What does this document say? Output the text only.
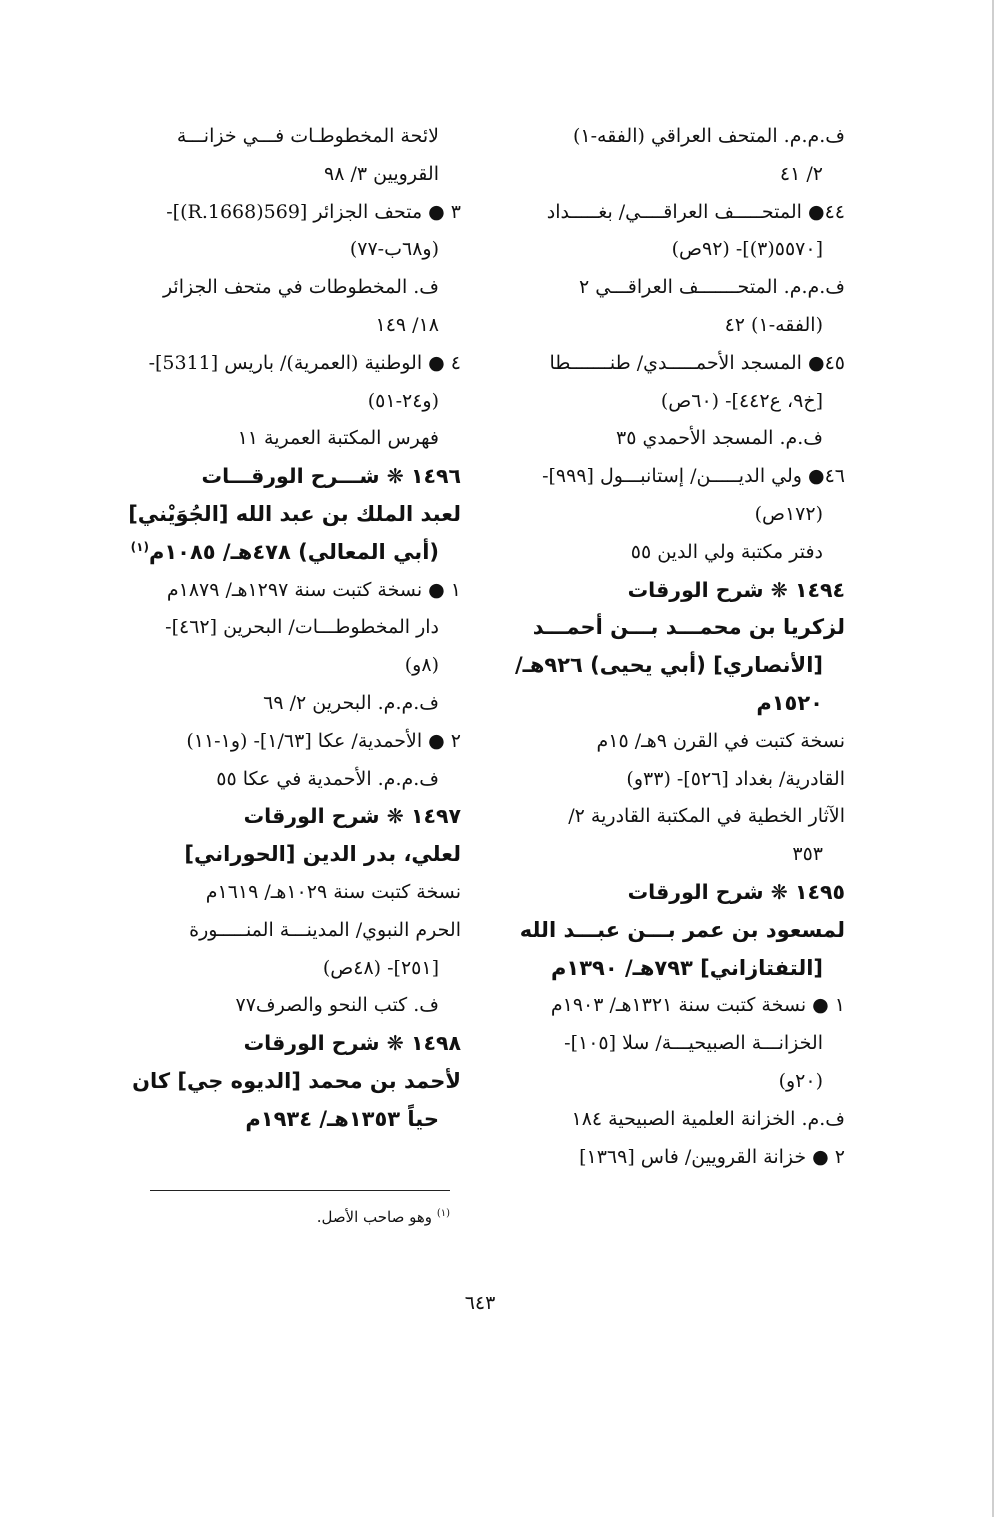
ف.م.م. المتحف العراقي (الفقه-١)
٢/ ٤١
٤٤● المتحـــــف العراقــــي/ بغـــــداد
[٥٥٧٠(٣)]- (٩٢ص)
ف.م.م. المتحـــــــف العراقـــي ٢
(الفقه-١) ٤٢
٤٥● المسجد الأحمـــــدي/ طنـــــــطا
[خ٩، ع٤٤٢]- (٦٠ص)
ف.م. المسجد الأحمدي ٣٥
٤٦● ولي الديـــــن/ إستانبـــول [٩٩٩]-
(١٧٢ص)
دفتر مكتبة ولي الدين ٥٥
١٤٩٤ ❋ شرح الورقات
لزكريا بن محمـــد بـــن أحمـــد
[الأنصاري] (أبي يحيى) ٩٢٦هـ/
١٥٢٠م
نسخة كتبت في القرن ٩هـ/ ١٥م
القادرية/ بغداد [٥٢٦]- (٣٣و)
الآثار الخطية في المكتبة القادرية ٢/
٣٥٣
١٤٩٥ ❋ شرح الورقات
لمسعود بن عمر بـــن عبـــد الله
[التفتازاني] ٧٩٣هـ/ ١٣٩٠م
١ ● نسخة كتبت سنة ١٣٢١هـ/ ١٩٠٣م
الخزانـــة الصبيحيـــة/ سلا [١٠٥]-
(٢٠و)
ف.م. الخزانة العلمية الصبيحية ١٨٤
٢ ● خزانة القرويين/ فاس [١٣٦٩]
لائحة المخطوطـات فـــي خزانـــة
القرويين ٣/ ٩٨
٣ ● متحف الجزائر [569(1668.R)]-
(و٦٨ب-٧٧)
ف. المخطوطات في متحف الجزائر
١٨/ ١٤٩
٤ ● الوطنية (العمرية)/ باريس [5311]-
(و٢٤-٥١)
فهرس المكتبة العمرية ١١
١٤٩٦ ❋ شـــرح الورقـــات
لعبد الملك بن عبد الله [الجُوَيْني]
(أبي المعالي) ٤٧٨هـ/ ١٠٨٥م$^{(١)}$
١ ● نسخة كتبت سنة ١٢٩٧هـ/ ١٨٧٩م
دار المخطوطـــات/ البحرين [٤٦٢]-
(٨و)
ف.م.م. البحرين ٢/ ٦٩
٢ ● الأحمدية/ عكا [١/٦٣]- (و١-١١)
ف.م.م. الأحمدية في عكا ٥٥
١٤٩٧ ❋ شرح الورقات
لعلي، بدر الدين [الحوراني]
نسخة كتبت سنة ١٠٢٩هـ/ ١٦١٩م
الحرم النبوي/ المدينـــة المنـــــورة
[٢٥١]- (٤٨ص)
ف. كتب النحو والصرف٧٧
١٤٩٨ ❋ شرح الورقات
لأحمد بن محمد [الديوه جي] كان
حياً ١٣٥٣هـ/ ١٩٣٤م
$^{(١)}$ وهو صاحب الأصل.
٦٤٣
